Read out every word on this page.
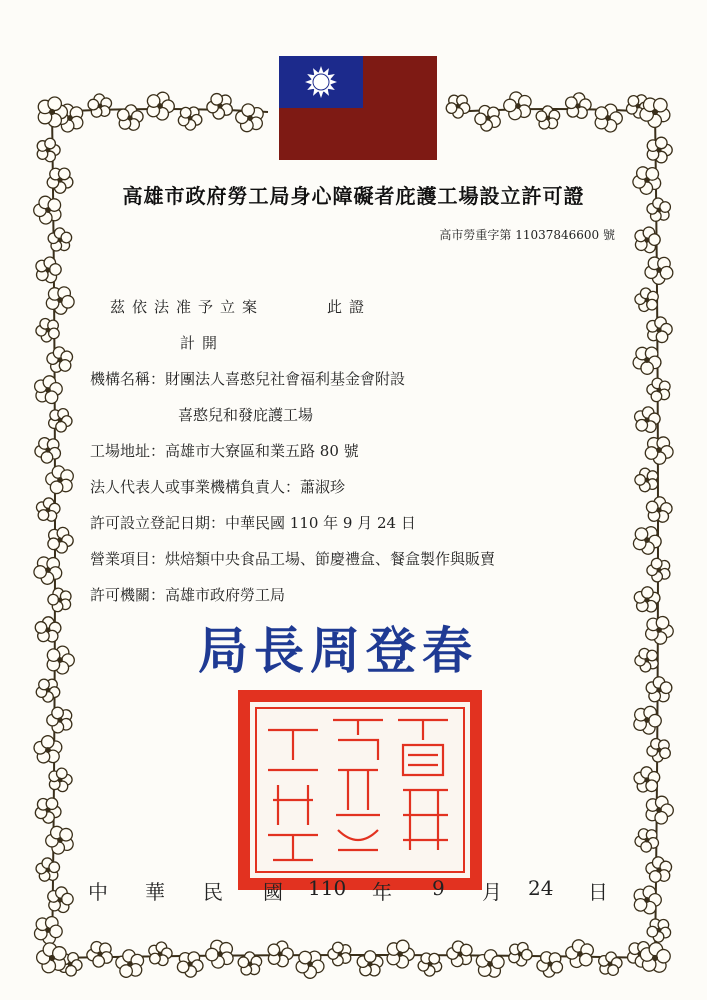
高雄市政府勞工局身心障礙者庇護工場設立許可證
高市勞重字第 11037846600 號
茲依法准予立案	此證
計開
機構名稱：財團法人喜憨兒社會福利基金會附設
喜憨兒和發庇護工場
工場地址：高雄市大寮區和業五路 80 號
法人代表人或事業機構負責人：蕭淑珍
許可設立登記日期：中華民國 110 年 9 月 24 日
營業項目：烘焙類中央食品工場、節慶禮盒、餐盒製作與販賣
許可機關：高雄市政府勞工局
局長周登春
中 華 民 國 110 年 9 月 24 日
